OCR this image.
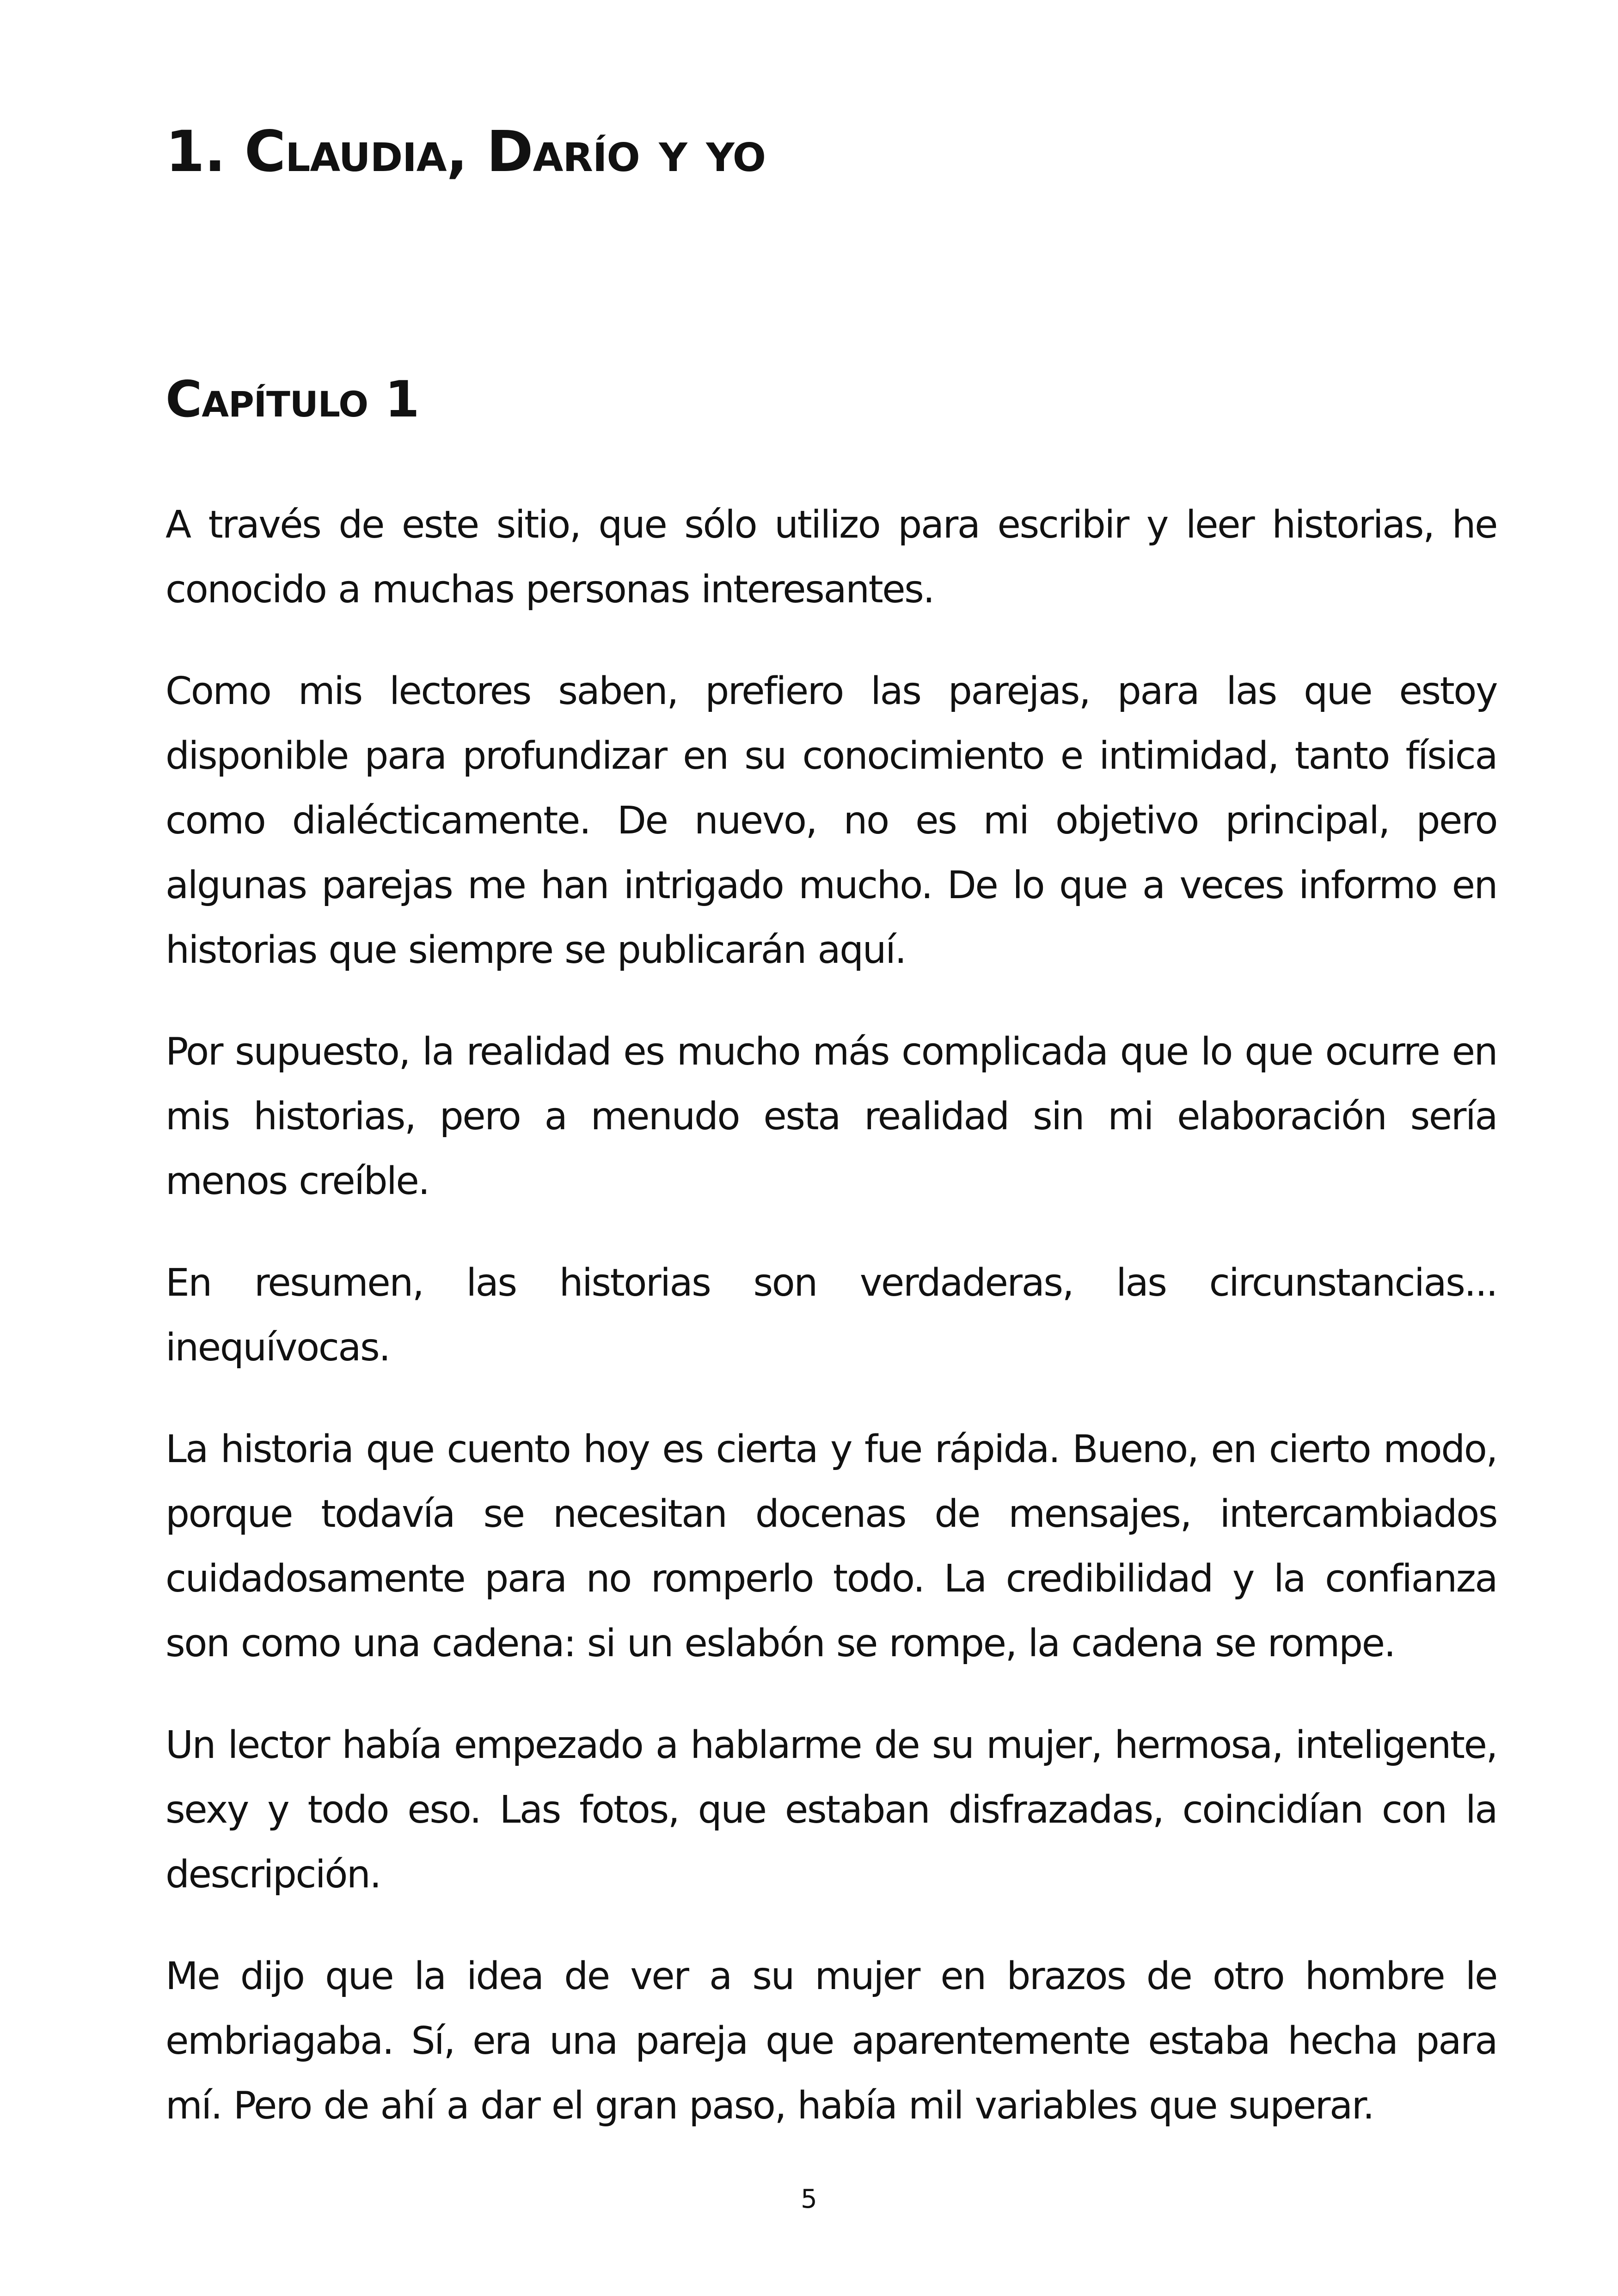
1. Claudia, Darío y yo
Capítulo 1

A través de este sitio, que sólo utilizo para escribir y leer historias, he conocido a muchas personas interesantes.

Como mis lectores saben, prefiero las parejas, para las que estoy disponible para profundizar en su conocimiento e intimidad, tanto física como dialécticamente. De nuevo, no es mi objetivo principal, pero algunas parejas me han intrigado mucho. De lo que a veces informo en historias que siempre se publicarán aquí.

Por supuesto, la realidad es mucho más complicada que lo que ocurre en mis historias, pero a menudo esta realidad sin mi elaboración sería menos creíble.

En resumen, las historias son verdaderas, las circunstancias... inequívocas.

La historia que cuento hoy es cierta y fue rápida. Bueno, en cierto modo, porque todavía se necesitan docenas de mensajes, intercambiados cuidadosamente para no romperlo todo. La credibilidad y la confianza son como una cadena: si un eslabón se rompe, la cadena se rompe.

Un lector había empezado a hablarme de su mujer, hermosa, inteligente, sexy y todo eso. Las fotos, que estaban disfrazadas, coincidían con la descripción.

Me dijo que la idea de ver a su mujer en brazos de otro hombre le embriagaba. Sí, era una pareja que aparentemente estaba hecha para mí. Pero de ahí a dar el gran paso, había mil variables que superar.

5
